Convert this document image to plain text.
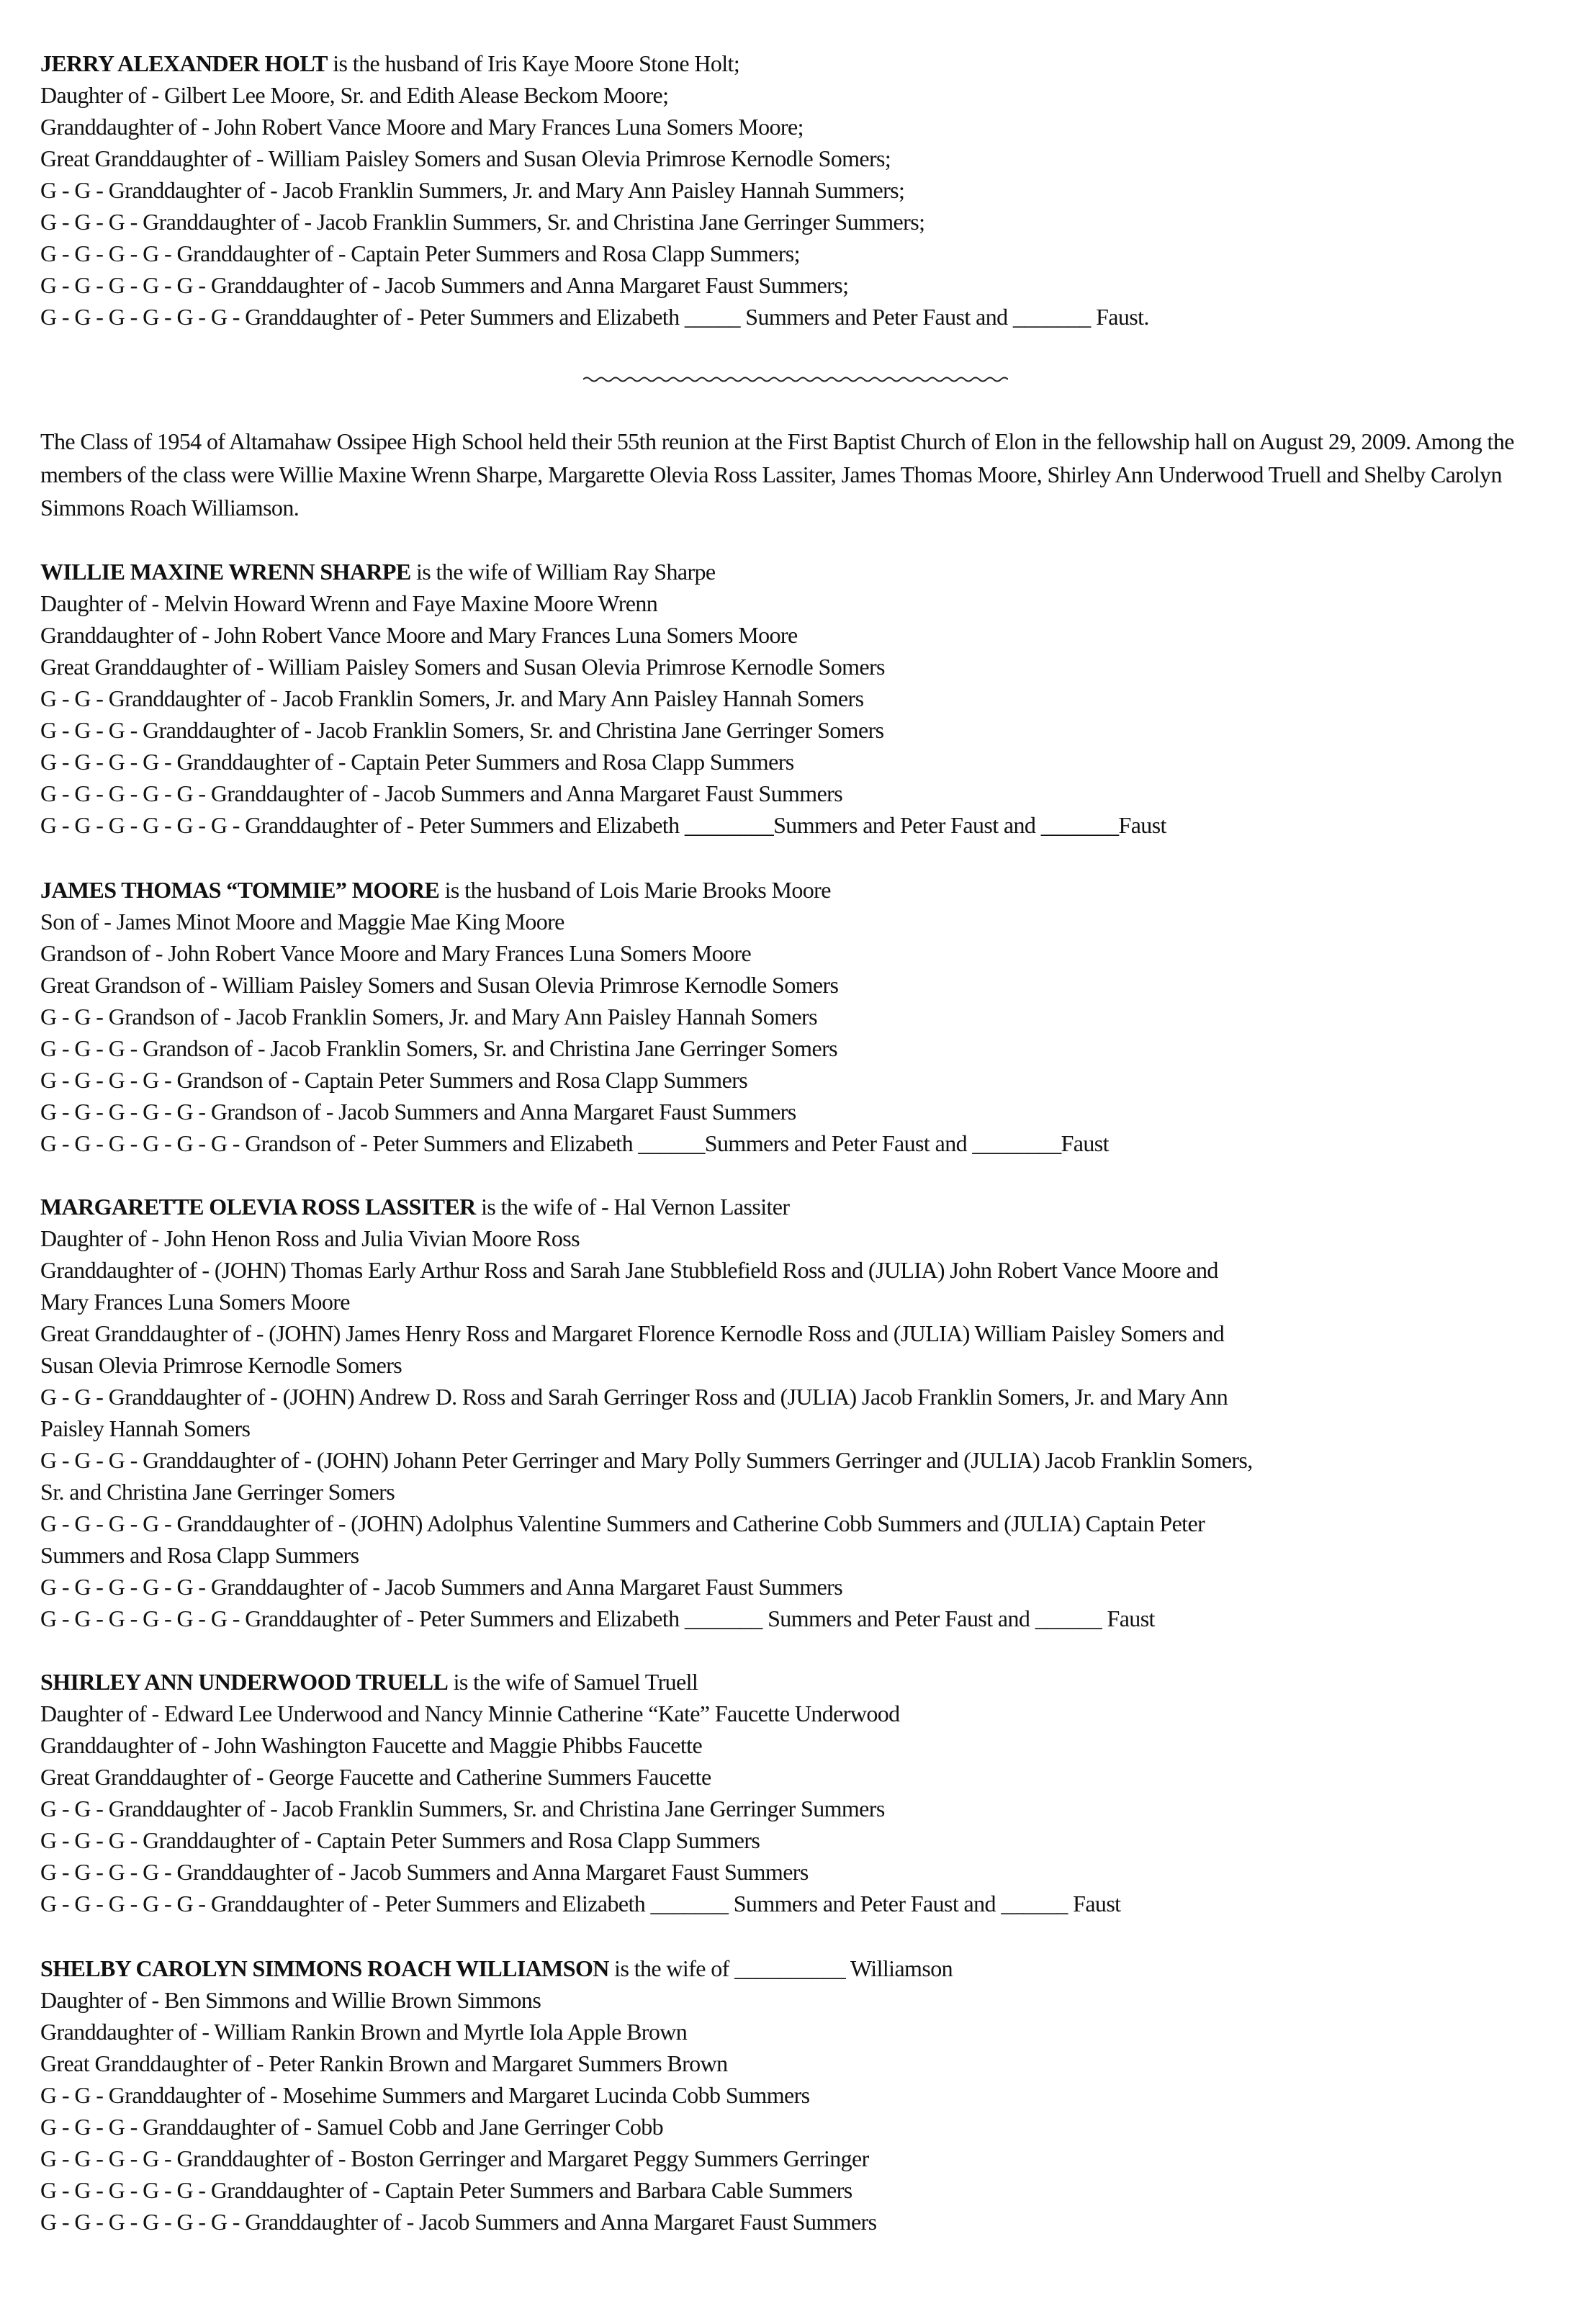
JERRY ALEXANDER HOLT is the husband of Iris Kaye Moore Stone Holt;
Daughter of - Gilbert Lee Moore, Sr. and Edith Alease Beckom Moore;
Granddaughter of - John Robert Vance Moore and Mary Frances Luna Somers Moore;
Great Granddaughter of - William Paisley Somers and Susan Olevia Primrose Kernodle Somers;
G - G - Granddaughter of - Jacob Franklin Summers, Jr. and Mary Ann Paisley Hannah Summers;
G - G - G - Granddaughter of - Jacob Franklin Summers, Sr. and Christina Jane Gerringer Summers;
G - G - G - G - Granddaughter of - Captain Peter Summers and Rosa Clapp Summers;
G - G - G - G - G - Granddaughter of - Jacob Summers and Anna Margaret Faust Summers;
G - G - G - G - G - G - Granddaughter of - Peter Summers and Elizabeth _____ Summers and Peter Faust and _______ Faust.
The Class of 1954 of Altamahaw Ossipee High School held their 55th reunion at the First Baptist Church of Elon in the fellowship hall on August 29, 2009. Among the members of the class were Willie Maxine Wrenn Sharpe, Margarette Olevia Ross Lassiter, James Thomas Moore, Shirley Ann Underwood Truell and Shelby Carolyn Simmons Roach Williamson.
WILLIE MAXINE WRENN SHARPE is the wife of William Ray Sharpe
Daughter of - Melvin Howard Wrenn and Faye Maxine Moore Wrenn
Granddaughter of - John Robert Vance Moore and Mary Frances Luna Somers Moore
Great Granddaughter of - William Paisley Somers and Susan Olevia Primrose Kernodle Somers
G - G - Granddaughter of - Jacob Franklin Somers, Jr. and Mary Ann Paisley Hannah Somers
G - G - G - Granddaughter of - Jacob Franklin Somers, Sr. and Christina Jane Gerringer Somers
G - G - G - G - Granddaughter of - Captain Peter Summers and Rosa Clapp Summers
G - G - G - G - G - Granddaughter of - Jacob Summers and Anna Margaret Faust Summers
G - G - G - G - G - G - Granddaughter of - Peter Summers and Elizabeth ________Summers and Peter Faust and _______Faust
JAMES THOMAS “TOMMIE” MOORE is the husband of Lois Marie Brooks Moore
Son of - James Minot Moore and Maggie Mae King Moore
Grandson of - John Robert Vance Moore and Mary Frances Luna Somers Moore
Great Grandson of - William Paisley Somers and Susan Olevia Primrose Kernodle Somers
G - G - Grandson of - Jacob Franklin Somers, Jr. and Mary Ann Paisley Hannah Somers
G - G - G - Grandson of - Jacob Franklin Somers, Sr. and Christina Jane Gerringer Somers
G - G - G - G - Grandson of - Captain Peter Summers and Rosa Clapp Summers
G - G - G - G - G - Grandson of - Jacob Summers and Anna Margaret Faust Summers
G - G - G - G - G - G - Grandson of - Peter Summers and Elizabeth ______Summers and Peter Faust and ________Faust
MARGARETTE OLEVIA ROSS LASSITER is the wife of - Hal Vernon Lassiter
Daughter of - John Henon Ross and Julia Vivian Moore Ross
Granddaughter of - (JOHN) Thomas Early Arthur Ross and Sarah Jane Stubblefield Ross and (JULIA) John Robert Vance Moore and
Mary Frances Luna Somers Moore
Great Granddaughter of - (JOHN) James Henry Ross and Margaret Florence Kernodle Ross and (JULIA) William Paisley Somers and
Susan Olevia Primrose Kernodle Somers
G - G - Granddaughter of - (JOHN) Andrew D. Ross and Sarah Gerringer Ross and (JULIA) Jacob Franklin Somers, Jr. and Mary Ann
Paisley Hannah Somers
G - G - G - Granddaughter of - (JOHN) Johann Peter Gerringer and Mary Polly Summers Gerringer and (JULIA) Jacob Franklin Somers,
Sr. and Christina Jane Gerringer Somers
G - G - G - G - Granddaughter of - (JOHN) Adolphus Valentine Summers and Catherine Cobb Summers and (JULIA) Captain Peter
Summers and Rosa Clapp Summers
G - G - G - G - G - Granddaughter of - Jacob Summers and Anna Margaret Faust Summers
G - G - G - G - G - G - Granddaughter of - Peter Summers and Elizabeth _______ Summers and Peter Faust and ______ Faust
SHIRLEY ANN UNDERWOOD TRUELL is the wife of Samuel Truell
Daughter of - Edward Lee Underwood and Nancy Minnie Catherine “Kate” Faucette Underwood
Granddaughter of - John Washington Faucette and Maggie Phibbs Faucette
Great Granddaughter of - George Faucette and Catherine Summers Faucette
G - G - Granddaughter of - Jacob Franklin Summers, Sr. and Christina Jane Gerringer Summers
G - G - G - Granddaughter of - Captain Peter Summers and Rosa Clapp Summers
G - G - G - G - Granddaughter of - Jacob Summers and Anna Margaret Faust Summers
G - G - G - G - G - Granddaughter of - Peter Summers and Elizabeth _______ Summers and Peter Faust and ______ Faust
SHELBY CAROLYN SIMMONS ROACH WILLIAMSON is the wife of __________ Williamson
Daughter of - Ben Simmons and Willie Brown Simmons
Granddaughter of - William Rankin Brown and Myrtle Iola Apple Brown
Great Granddaughter of - Peter Rankin Brown and Margaret Summers Brown
G - G - Granddaughter of - Mosehime Summers and Margaret Lucinda Cobb Summers
G - G - G - Granddaughter of - Samuel Cobb and Jane Gerringer Cobb
G - G - G - G - Granddaughter of - Boston Gerringer and Margaret Peggy Summers Gerringer
G - G - G - G - G - Granddaughter of - Captain Peter Summers and Barbara Cable Summers
G - G - G - G - G - G - Granddaughter of - Jacob Summers and Anna Margaret Faust Summers
